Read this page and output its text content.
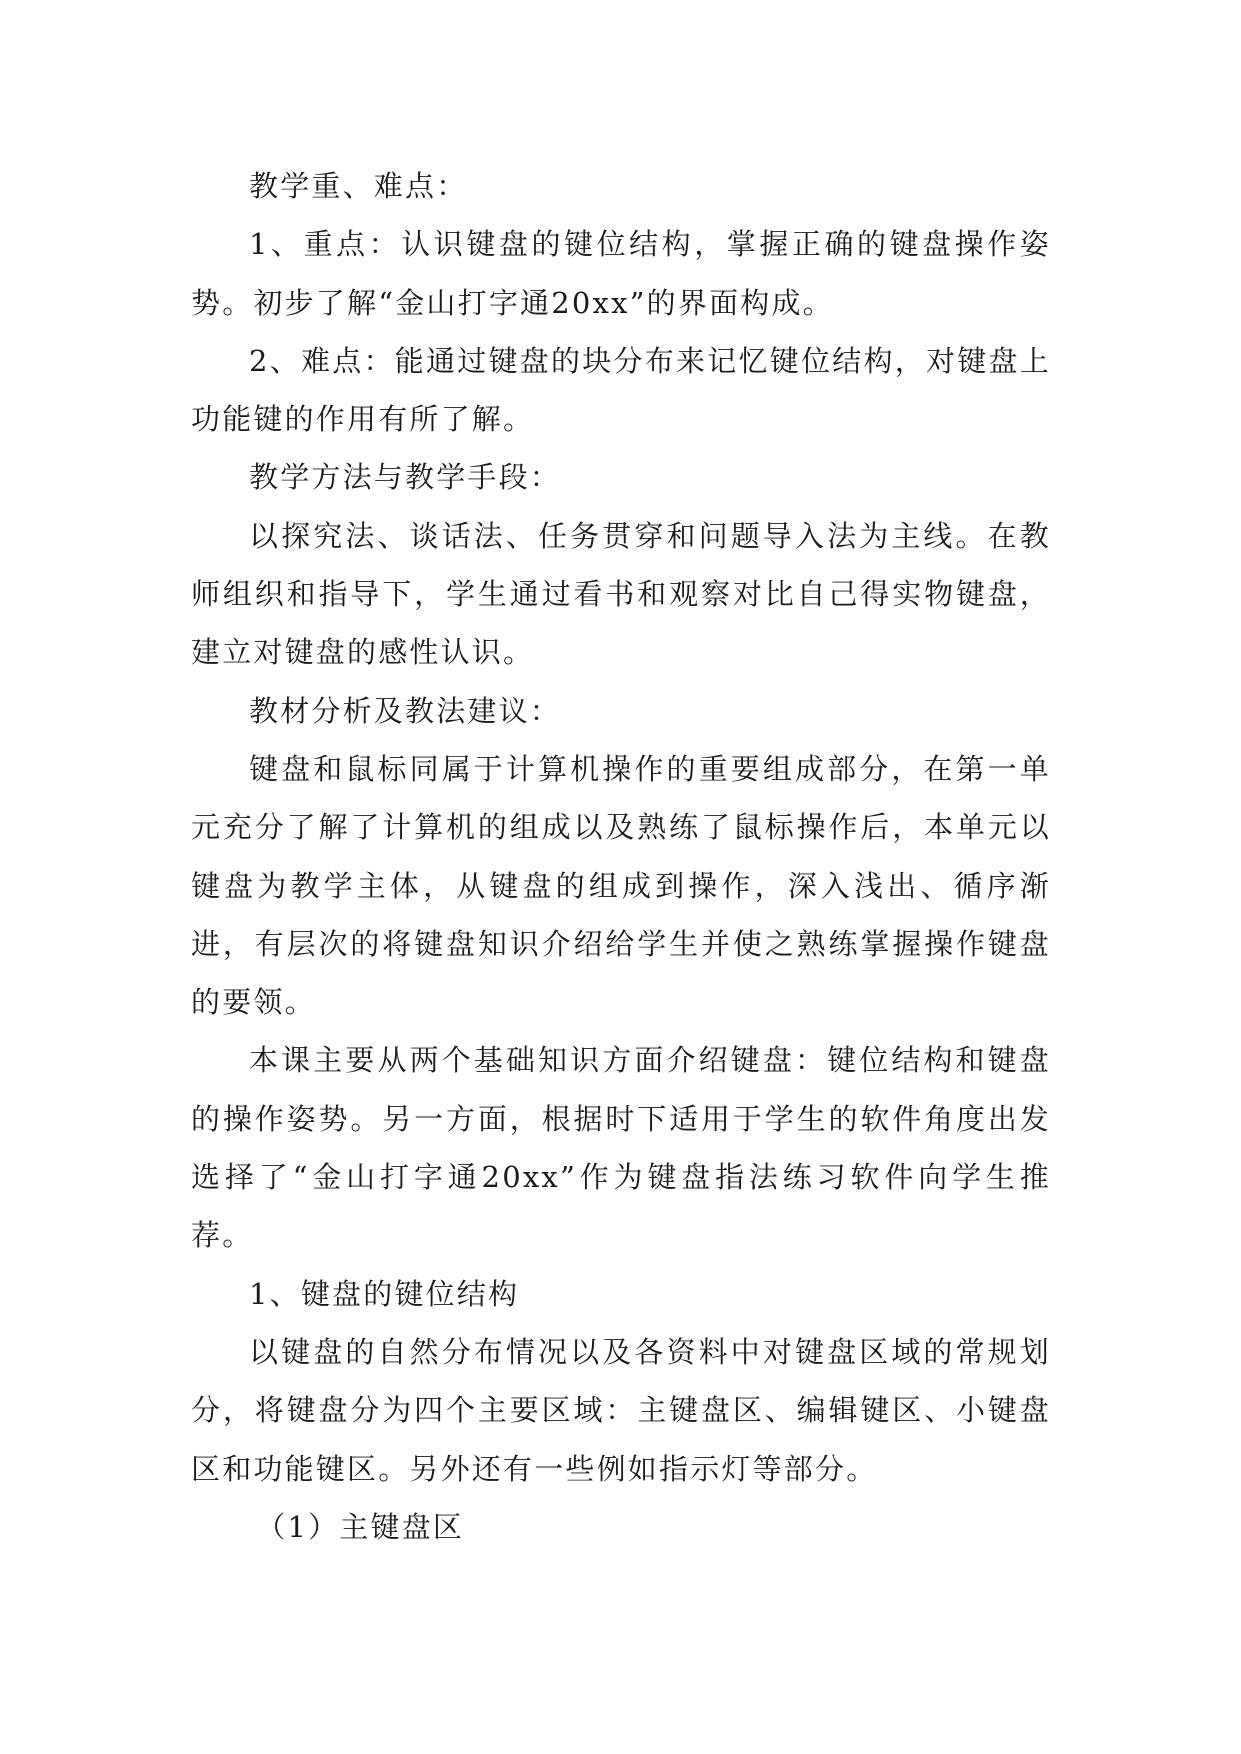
教学重、难点：

1、重点：认识键盘的键位结构，掌握正确的键盘操作姿势。初步了解“金山打字通20xx”的界面构成。

2、难点：能通过键盘的块分布来记忆键位结构，对键盘上功能键的作用有所了解。

教学方法与教学手段：

以探究法、谈话法、任务贯穿和问题导入法为主线。在教师组织和指导下，学生通过看书和观察对比自己得实物键盘，建立对键盘的感性认识。

教材分析及教法建议：

键盘和鼠标同属于计算机操作的重要组成部分，在第一单元充分了解了计算机的组成以及熟练了鼠标操作后，本单元以键盘为教学主体，从键盘的组成到操作，深入浅出、循序渐进，有层次的将键盘知识介绍给学生并使之熟练掌握操作键盘的要领。

本课主要从两个基础知识方面介绍键盘：键位结构和键盘的操作姿势。另一方面，根据时下适用于学生的软件角度出发选择了“金山打字通20xx”作为键盘指法练习软件向学生推荐。

1、键盘的键位结构

以键盘的自然分布情况以及各资料中对键盘区域的常规划分，将键盘分为四个主要区域：主键盘区、编辑键区、小键盘区和功能键区。另外还有一些例如指示灯等部分。

（1）主键盘区
